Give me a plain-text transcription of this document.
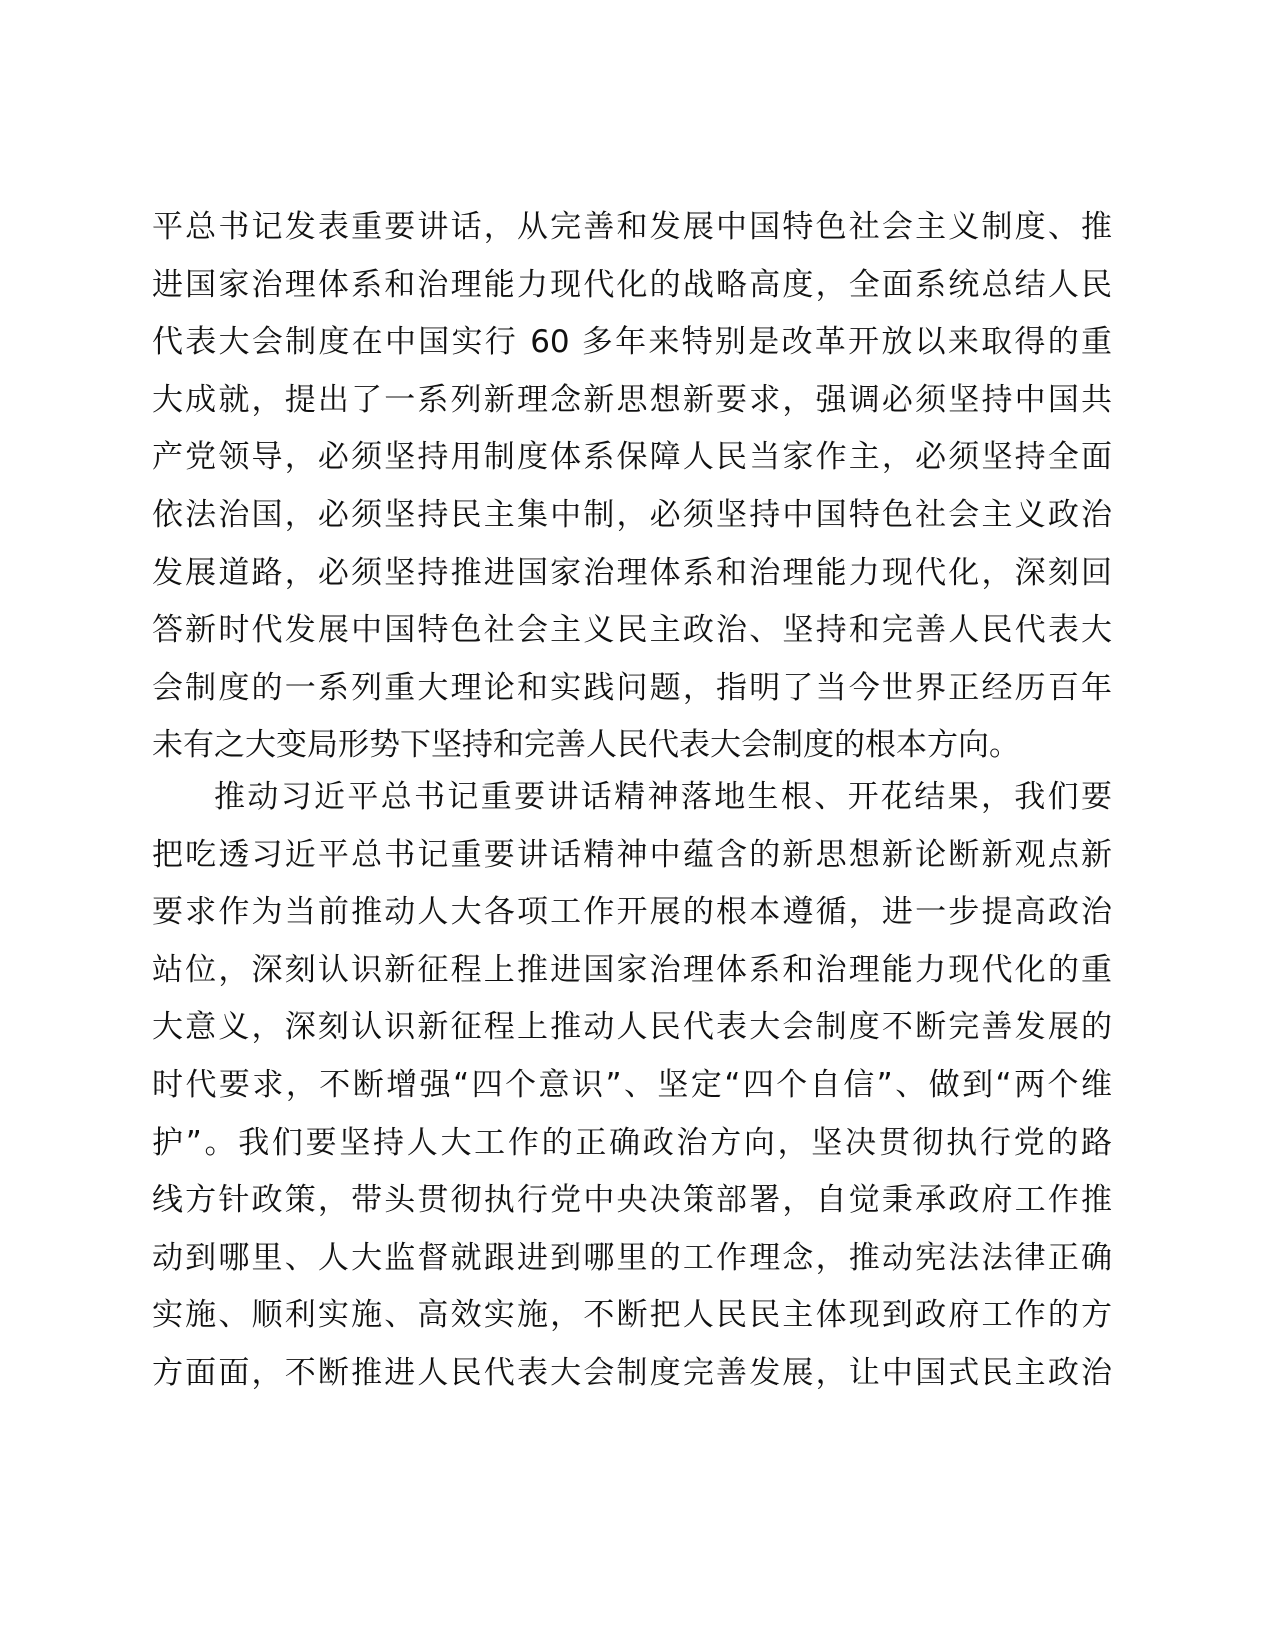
平总书记发表重要讲话，从完善和发展中国特色社会主义制度、推
进国家治理体系和治理能力现代化的战略高度，全面系统总结人民
代表大会制度在中国实行 60 多年来特别是改革开放以来取得的重
大成就，提出了一系列新理念新思想新要求，强调必须坚持中国共
产党领导，必须坚持用制度体系保障人民当家作主，必须坚持全面
依法治国，必须坚持民主集中制，必须坚持中国特色社会主义政治
发展道路，必须坚持推进国家治理体系和治理能力现代化，深刻回
答新时代发展中国特色社会主义民主政治、坚持和完善人民代表大
会制度的一系列重大理论和实践问题，指明了当今世界正经历百年
未有之大变局形势下坚持和完善人民代表大会制度的根本方向。
推动习近平总书记重要讲话精神落地生根、开花结果，我们要
把吃透习近平总书记重要讲话精神中蕴含的新思想新论断新观点新
要求作为当前推动人大各项工作开展的根本遵循，进一步提高政治
站位，深刻认识新征程上推进国家治理体系和治理能力现代化的重
大意义，深刻认识新征程上推动人民代表大会制度不断完善发展的
时代要求，不断增强“四个意识”、坚定“四个自信”、做到“两个维
护”。我们要坚持人大工作的正确政治方向，坚决贯彻执行党的路
线方针政策，带头贯彻执行党中央决策部署，自觉秉承政府工作推
动到哪里、人大监督就跟进到哪里的工作理念，推动宪法法律正确
实施、顺利实施、高效实施，不断把人民民主体现到政府工作的方
方面面，不断推进人民代表大会制度完善发展，让中国式民主政治
